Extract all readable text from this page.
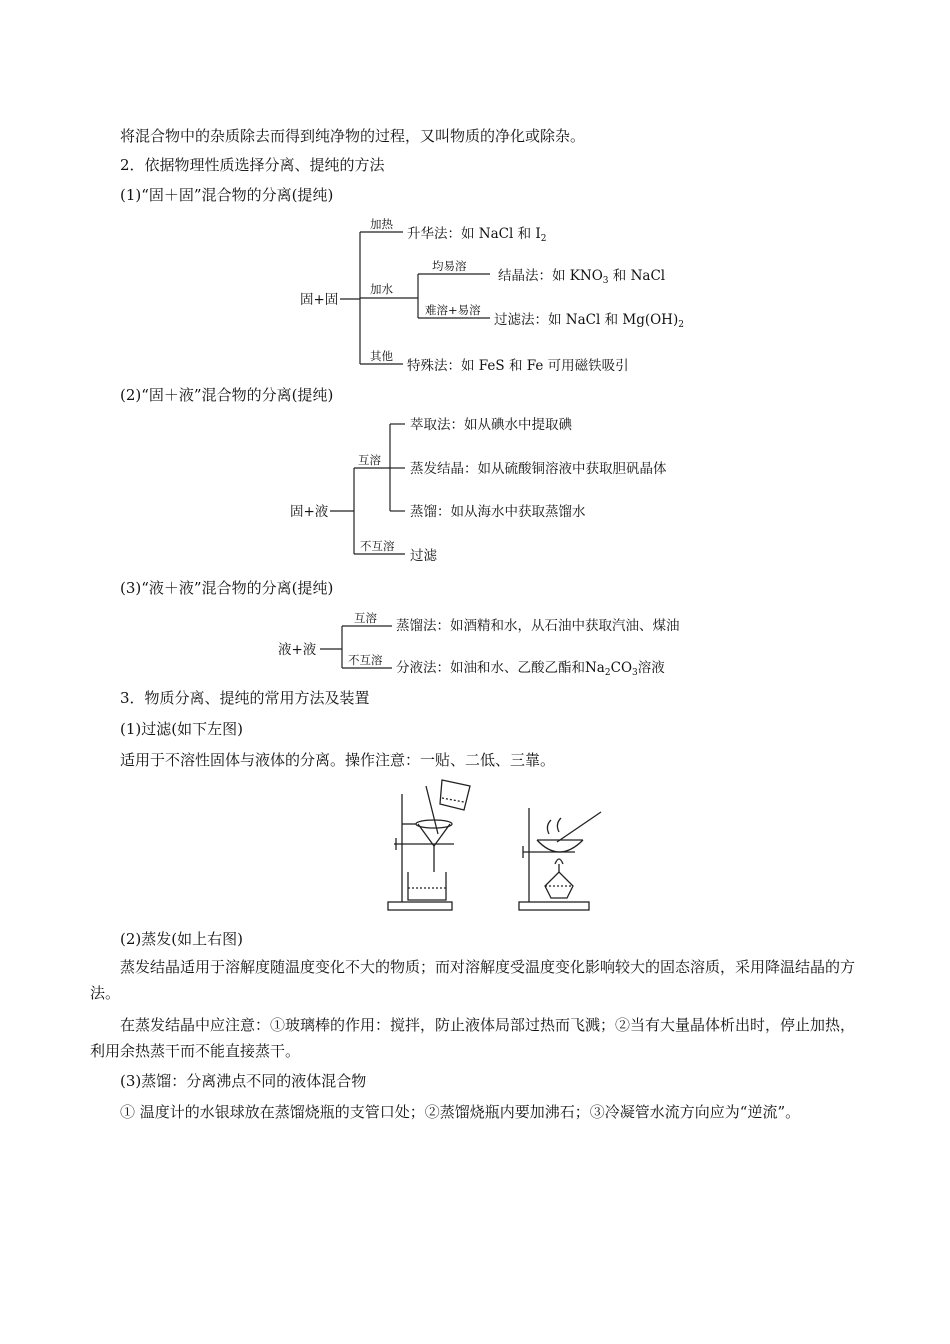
将混合物中的杂质除去而得到纯净物的过程，又叫物质的净化或除杂。
2．依据物理性质选择分离、提纯的方法
(1)“固＋固”混合物的分离(提纯)
固+固
加热
升华法：如 NaCl 和 $I_2$
加水
均易溶
结晶法：如 $KNO_3$ 和 NaCl
难溶+易溶
过滤法：如 NaCl 和 $Mg(OH)_2$
其他
特殊法：如 FeS 和 Fe 可用磁铁吸引
(2)“固＋液”混合物的分离(提纯)
固+液
互溶
萃取法：如从碘水中提取碘
蒸发结晶：如从硫酸铜溶液中获取胆矾晶体
蒸馏：如从海水中获取蒸馏水
不互溶
过滤
(3)“液＋液”混合物的分离(提纯)
液+液
互溶 蒸馏法：如酒精和水，从石油中获取汽油、煤油
不互溶 分液法：如油和水、乙酸乙酯和$Na_2CO_3$溶液
3．物质分离、提纯的常用方法及装置
(1)过滤(如下左图)
适用于不溶性固体与液体的分离。操作注意：一贴、二低、三靠。
(2)蒸发(如上右图)
蒸发结晶适用于溶解度随温度变化不大的物质；而对溶解度受温度变化影响较大的固态溶质，采用降温结晶的方法。
在蒸发结晶中应注意：①玻璃棒的作用：搅拌，防止液体局部过热而飞溅；②当有大量晶体析出时，停止加热，利用余热蒸干而不能直接蒸干。
(3)蒸馏：分离沸点不同的液体混合物
① 温度计的水银球放在蒸馏烧瓶的支管口处；②蒸馏烧瓶内要加沸石；③冷凝管水流方向应为“逆流”。
